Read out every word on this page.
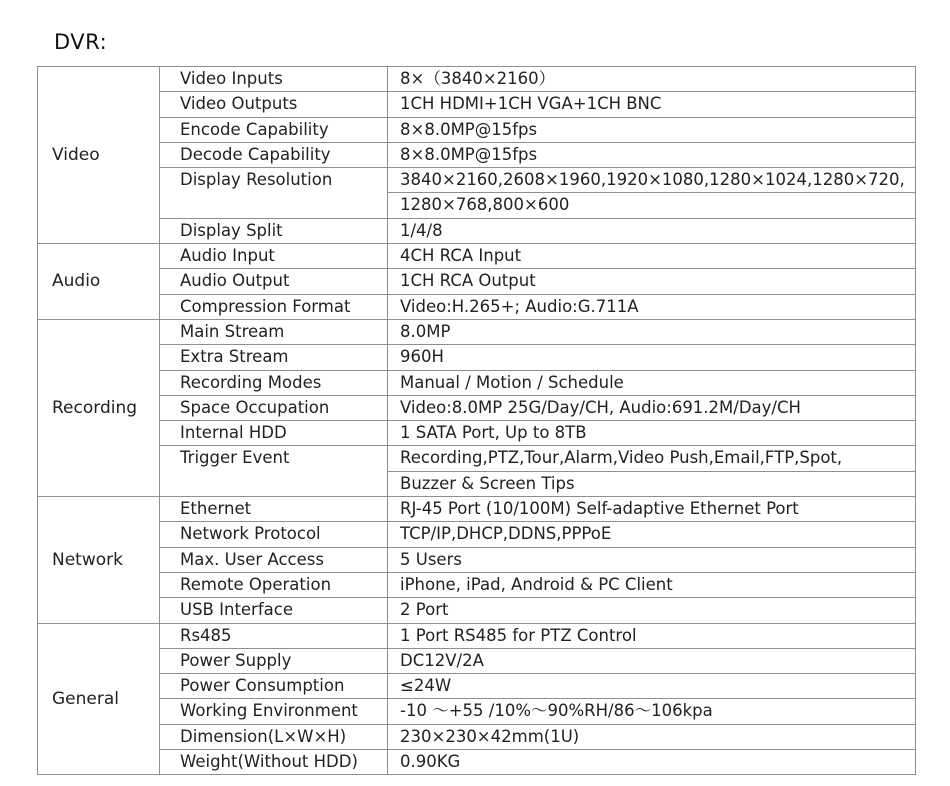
DVR:
Video	Video Inputs	8×（3840×2160）
	Video Outputs	1CH HDMI+1CH VGA+1CH BNC
	Encode Capability	8×8.0MP@15fps
	Decode Capability	8×8.0MP@15fps
	Display Resolution	3840×2160,2608×1960,1920×1080,1280×1024,1280×720,
		1280×768,800×600
	Display Split	1/4/8
Audio	Audio Input	4CH RCA Input
	Audio Output	1CH RCA Output
	Compression Format	Video:H.265+; Audio:G.711A
Recording	Main Stream	8.0MP
	Extra Stream	960H
	Recording Modes	Manual / Motion / Schedule
	Space Occupation	Video:8.0MP 25G/Day/CH, Audio:691.2M/Day/CH
	Internal HDD	1 SATA Port, Up to 8TB
	Trigger Event	Recording,PTZ,Tour,Alarm,Video Push,Email,FTP,Spot,
		Buzzer & Screen Tips
Network	Ethernet	RJ-45 Port (10/100M) Self-adaptive Ethernet Port
	Network Protocol	TCP/IP,DHCP,DDNS,PPPoE
	Max. User Access	5 Users
	Remote Operation	iPhone, iPad, Android & PC Client
	USB Interface	2 Port
General	Rs485	1 Port RS485 for PTZ Control
	Power Supply	DC12V/2A
	Power Consumption	≤24W
	Working Environment	-10 ～+55 /10%～90%RH/86～106kpa
	Dimension(L×W×H)	230×230×42mm(1U)
	Weight(Without HDD)	0.90KG
